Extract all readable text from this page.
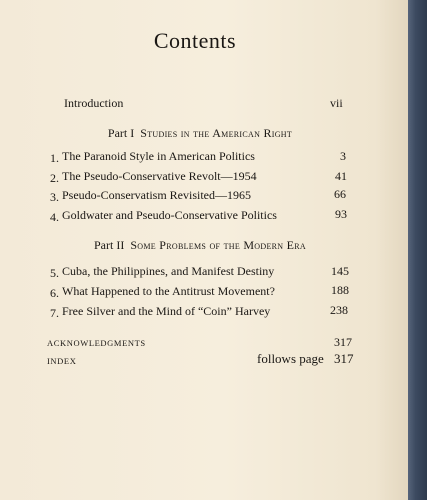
Contents
Introduction	vii
Part I Studies in the American Right
1. The Paranoid Style in American Politics	3
2. The Pseudo-Conservative Revolt—1954	41
3. Pseudo-Conservatism Revisited—1965	66
4. Goldwater and Pseudo-Conservative Politics	93
Part II Some Problems of the Modern Era
5. Cuba, the Philippines, and Manifest Destiny	145
6. What Happened to the Antitrust Movement?	188
7. Free Silver and the Mind of “Coin” Harvey	238
ACKNOWLEDGMENTS	317
INDEX	follows page 317
